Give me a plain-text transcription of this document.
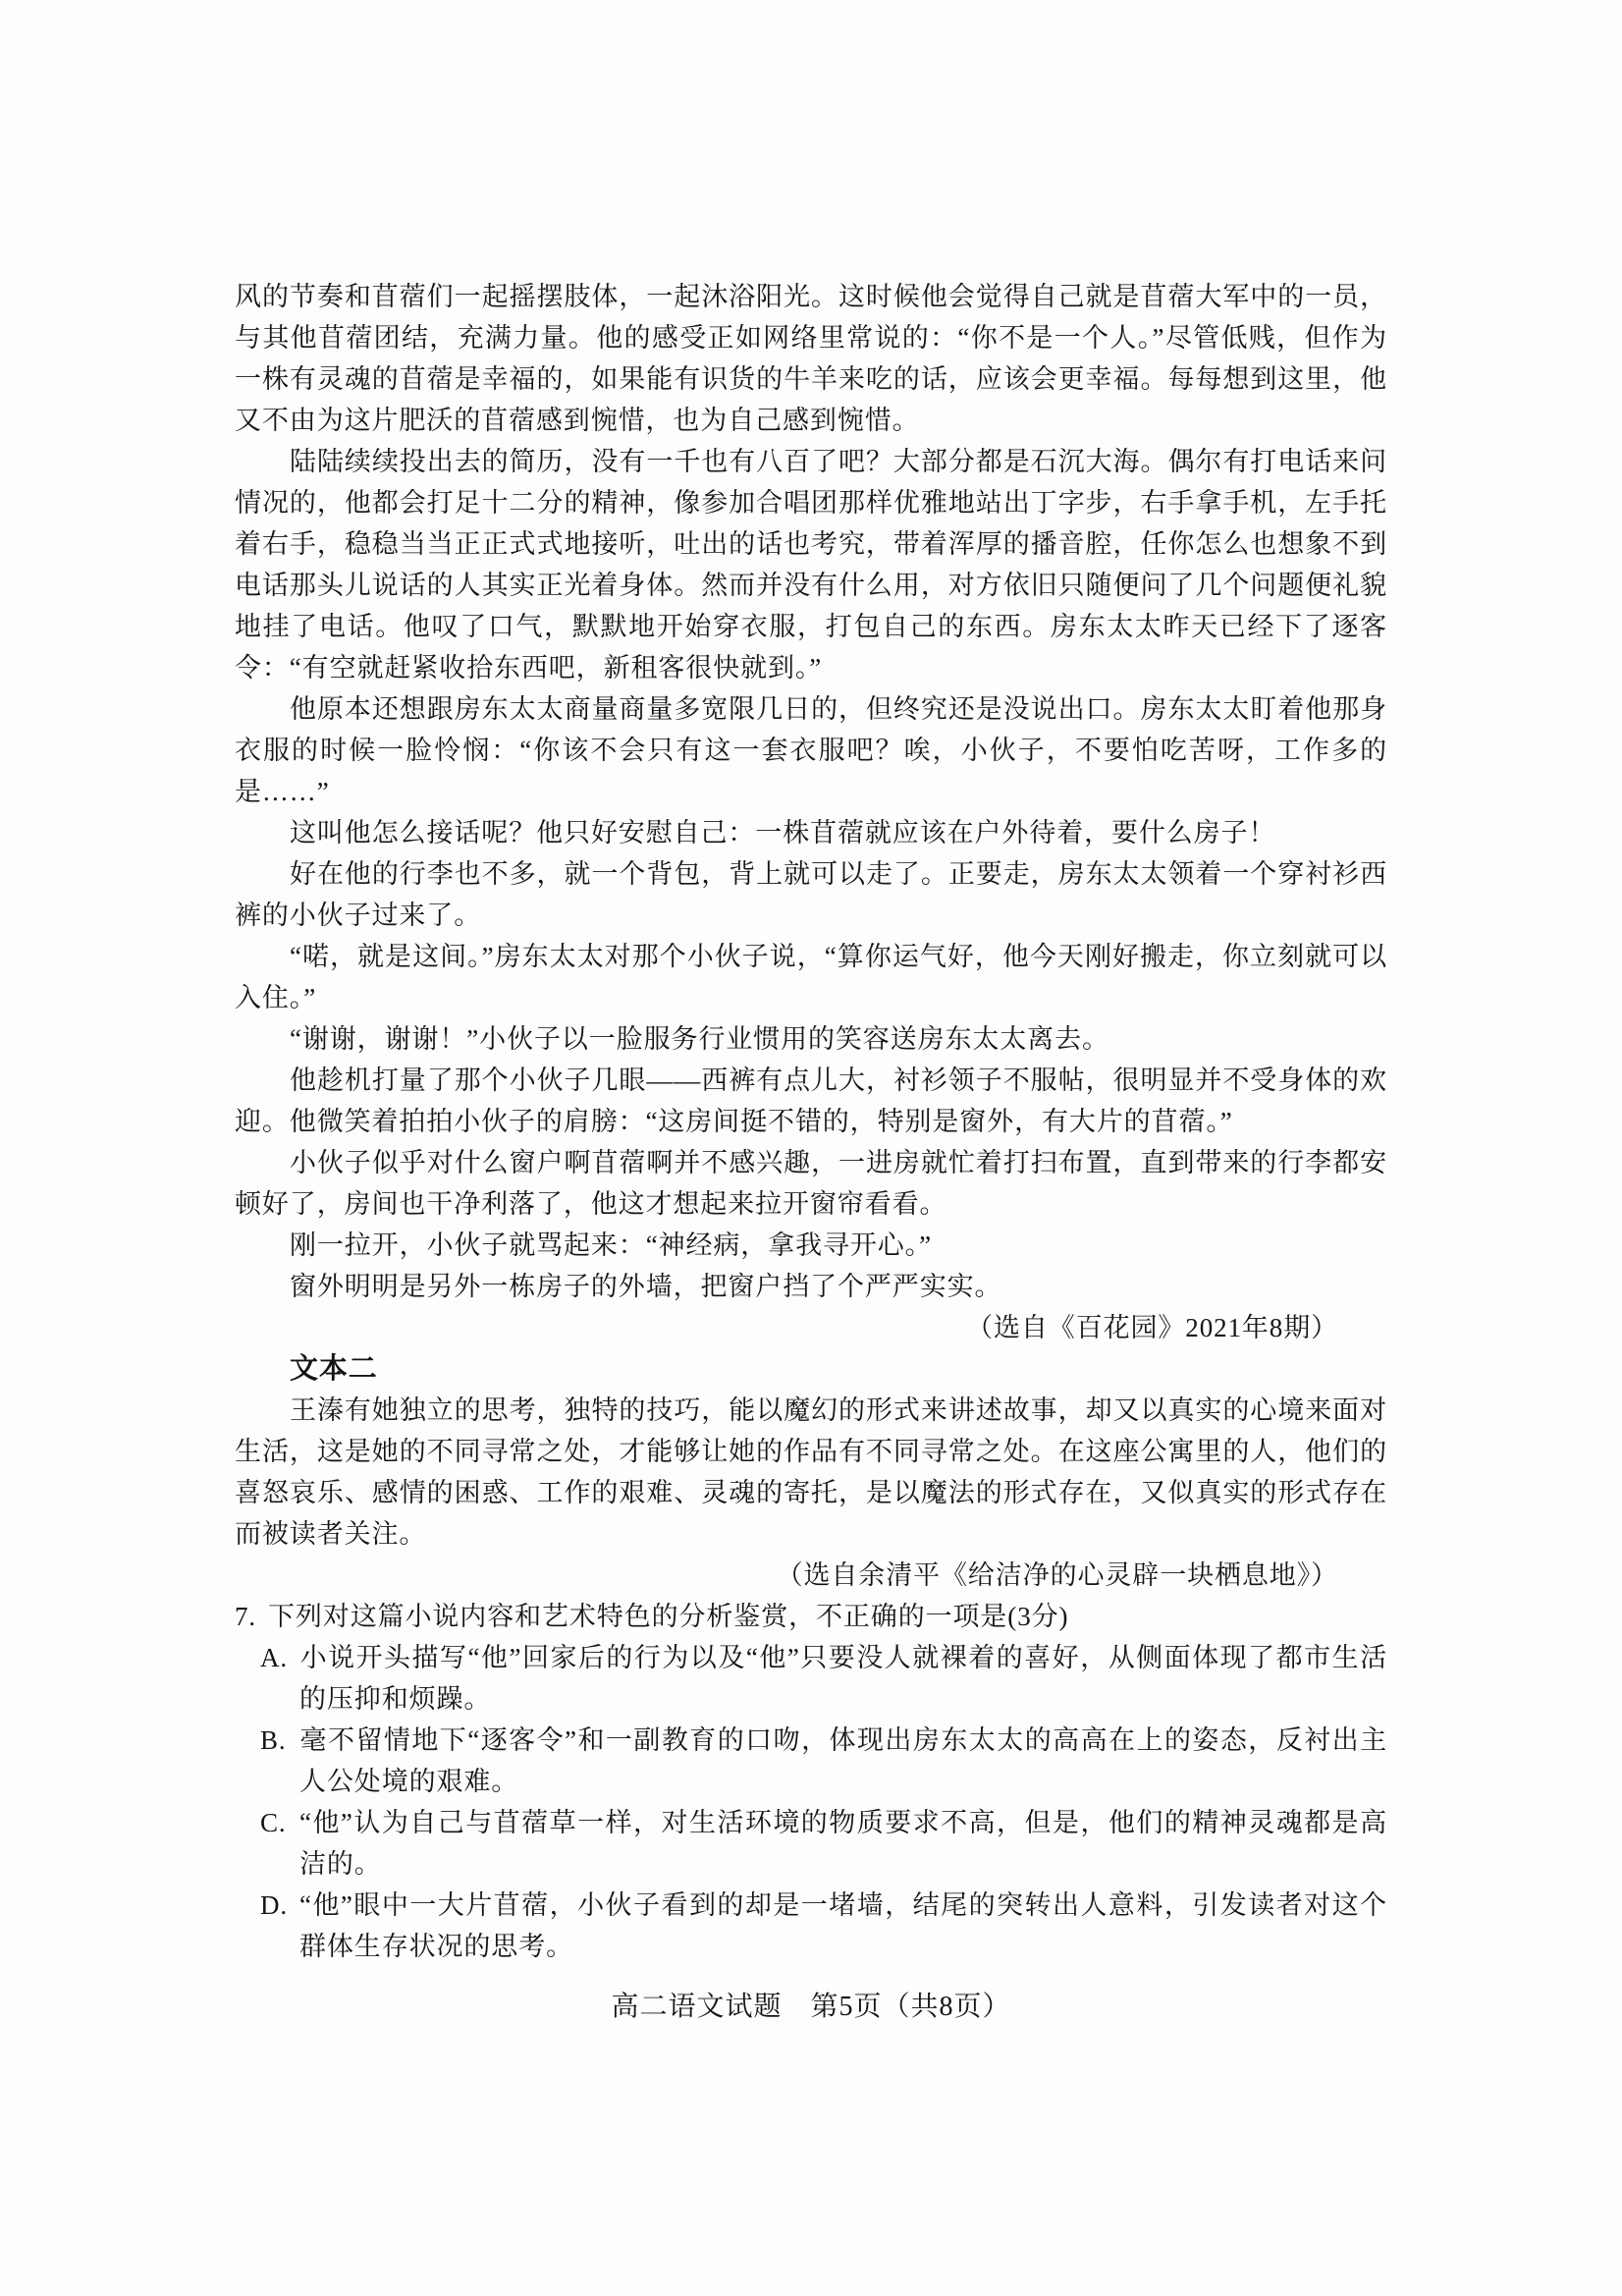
风的节奏和苜蓿们一起摇摆肢体，一起沐浴阳光。这时候他会觉得自己就是苜蓿大军中的一员，与其他苜蓿团结，充满力量。他的感受正如网络里常说的：“你不是一个人。”尽管低贱，但作为一株有灵魂的苜蓿是幸福的，如果能有识货的牛羊来吃的话，应该会更幸福。每每想到这里，他又不由为这片肥沃的苜蓿感到惋惜，也为自己感到惋惜。

陆陆续续投出去的简历，没有一千也有八百了吧？大部分都是石沉大海。偶尔有打电话来问情况的，他都会打足十二分的精神，像参加合唱团那样优雅地站出丁字步，右手拿手机，左手托着右手，稳稳当当正正式式地接听，吐出的话也考究，带着浑厚的播音腔，任你怎么也想象不到电话那头儿说话的人其实正光着身体。然而并没有什么用，对方依旧只随便问了几个问题便礼貌地挂了电话。他叹了口气，默默地开始穿衣服，打包自己的东西。房东太太昨天已经下了逐客令：“有空就赶紧收拾东西吧，新租客很快就到。”

他原本还想跟房东太太商量商量多宽限几日的，但终究还是没说出口。房东太太盯着他那身衣服的时候一脸怜悯：“你该不会只有这一套衣服吧？唉，小伙子，不要怕吃苦呀，工作多的是……”

这叫他怎么接话呢？他只好安慰自己：一株苜蓿就应该在户外待着，要什么房子！

好在他的行李也不多，就一个背包，背上就可以走了。正要走，房东太太领着一个穿衬衫西裤的小伙子过来了。

“喏，就是这间。”房东太太对那个小伙子说，“算你运气好，他今天刚好搬走，你立刻就可以入住。”

“谢谢，谢谢！”小伙子以一脸服务行业惯用的笑容送房东太太离去。

他趁机打量了那个小伙子几眼——西裤有点儿大，衬衫领子不服帖，很明显并不受身体的欢迎。他微笑着拍拍小伙子的肩膀：“这房间挺不错的，特别是窗外，有大片的苜蓿。”

小伙子似乎对什么窗户啊苜蓿啊并不感兴趣，一进房就忙着打扫布置，直到带来的行李都安顿好了，房间也干净利落了，他这才想起来拉开窗帘看看。

刚一拉开，小伙子就骂起来：“神经病，拿我寻开心。”

窗外明明是另外一栋房子的外墙，把窗户挡了个严严实实。

（选自《百花园》2021年8期）

文本二

王溱有她独立的思考，独特的技巧，能以魔幻的形式来讲述故事，却又以真实的心境来面对生活，这是她的不同寻常之处，才能够让她的作品有不同寻常之处。在这座公寓里的人，他们的喜怒哀乐、感情的困惑、工作的艰难、灵魂的寄托，是以魔法的形式存在，又似真实的形式存在而被读者关注。

（选自余清平《给洁净的心灵辟一块栖息地》）

7. 下列对这篇小说内容和艺术特色的分析鉴赏，不正确的一项是(3分)

A. 小说开头描写“他”回家后的行为以及“他”只要没人就裸着的喜好，从侧面体现了都市生活的压抑和烦躁。

B. 毫不留情地下“逐客令”和一副教育的口吻，体现出房东太太的高高在上的姿态，反衬出主人公处境的艰难。

C. “他”认为自己与苜蓿草一样，对生活环境的物质要求不高，但是，他们的精神灵魂都是高洁的。

D. “他”眼中一大片苜蓿，小伙子看到的却是一堵墙，结尾的突转出人意料，引发读者对这个群体生存状况的思考。

高二语文试题　第5页（共8页）
